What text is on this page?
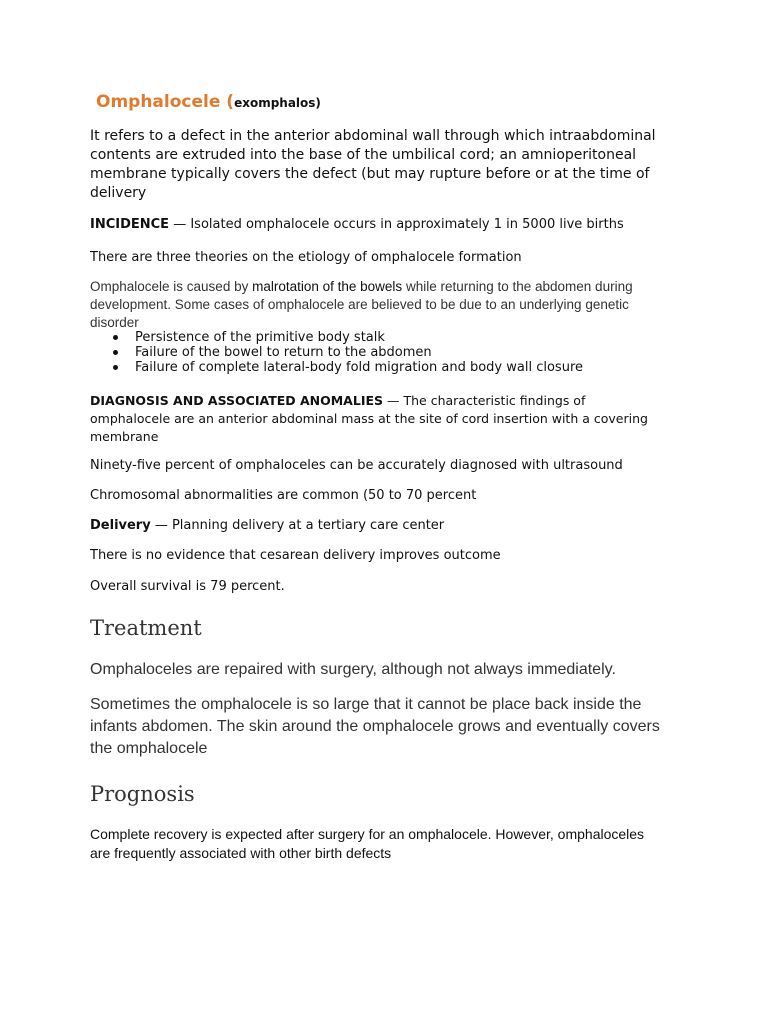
Omphalocele (exomphalos)

It refers to a defect in the anterior abdominal wall through which intraabdominal contents are extruded into the base of the umbilical cord; an amnioperitoneal membrane typically covers the defect (but may rupture before or at the time of delivery

INCIDENCE — Isolated omphalocele occurs in approximately 1 in 5000 live births

There are three theories on the etiology of omphalocele formation

Omphalocele is caused by malrotation of the bowels while returning to the abdomen during development. Some cases of omphalocele are believed to be due to an underlying genetic disorder

Persistence of the primitive body stalk
Failure of the bowel to return to the abdomen
Failure of complete lateral-body fold migration and body wall closure

DIAGNOSIS AND ASSOCIATED ANOMALIES — The characteristic findings of omphalocele are an anterior abdominal mass at the site of cord insertion with a covering membrane

Ninety-five percent of omphaloceles can be accurately diagnosed with ultrasound

Chromosomal abnormalities are common (50 to 70 percent

Delivery — Planning delivery at a tertiary care center

There is no evidence that cesarean delivery improves outcome

Overall survival is 79 percent.

Treatment

Omphaloceles are repaired with surgery, although not always immediately.

Sometimes the omphalocele is so large that it cannot be place back inside the infants abdomen. The skin around the omphalocele grows and eventually covers the omphalocele

Prognosis

Complete recovery is expected after surgery for an omphalocele. However, omphaloceles are frequently associated with other birth defects
